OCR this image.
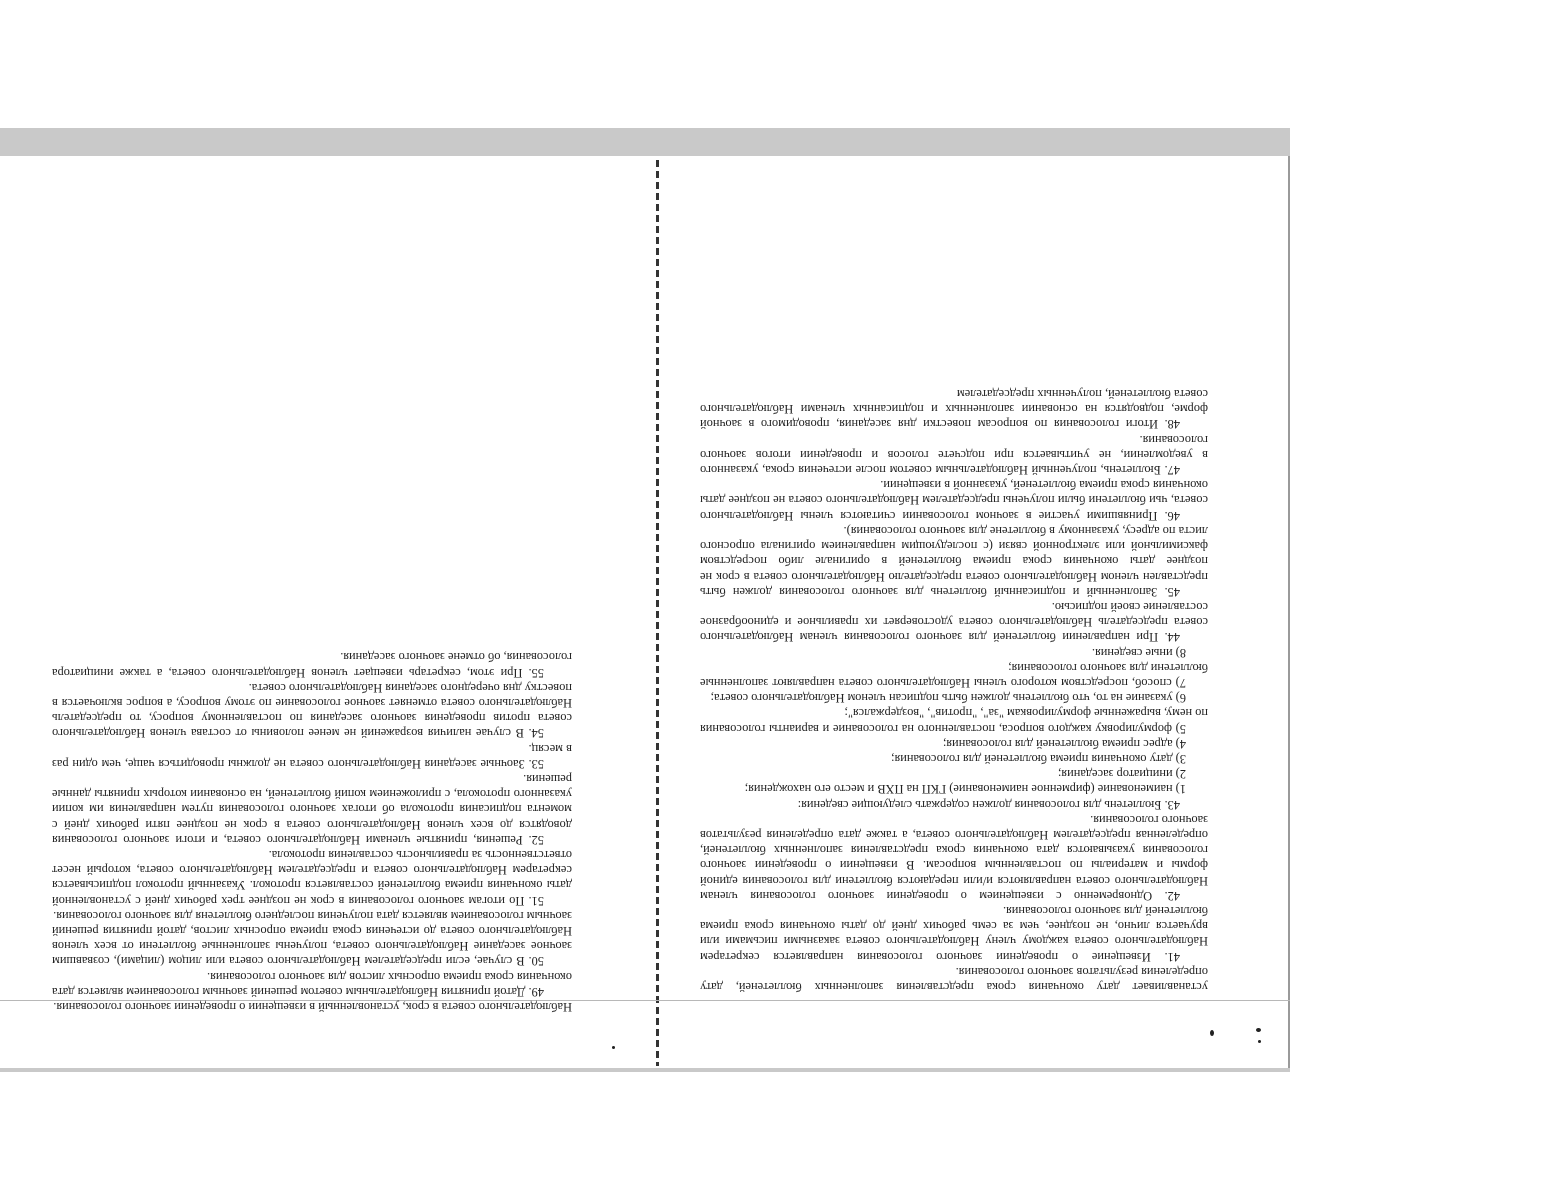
Наблюдательного совета в срок, установленный в извещении о проведении заочного голосования.

49. Датой принятия Наблюдательным советом решений заочным голосованием является дата окончания срока приема опросных листов для заочного голосования.

50. В случае, если председателем Наблюдательного совета или лицом (лицами), созвавшим заочное заседание Наблюдательного совета, получены заполненные бюллетени от всех членов Наблюдательного совета до истечения срока приема опросных листов, датой принятия решений заочным голосованием является дата получения последнего бюллетеня для заочного голосования.

51. По итогам заочного голосования в срок не позднее трех рабочих дней с установленной даты окончания приема бюллетеней составляется протокол. Указанный протокол подписывается секретарем Наблюдательного совета и председателем Наблюдательного совета, который несет ответственность за правильность составления протокола.

52. Решения, принятые членами Наблюдательного совета, и итоги заочного голосования доводятся до всех членов Наблюдательного совета в срок не позднее пяти рабочих дней с момента подписания протокола об итогах заочного голосования путем направления им копии указанного протокола, с приложением копий бюллетеней, на основании которых приняты данные решения.

53. Заочные заседания Наблюдательного совета не должны проводиться чаще, чем один раз в месяц.

54. В случае наличия возражений не менее половины от состава членов Наблюдательного совета против проведения заочного заседания по поставленному вопросу, то председатель Наблюдательного совета отменяет заочное голосование по этому вопросу, а вопрос включается в повестку дня очередного заседания Наблюдательного совета.

55. При этом, секретарь извещает членов Наблюдательного совета, а также инициатора голосования, об отмене заочного заседания.

устанавливает дату окончания срока представления заполненных бюллетеней, дату определения результатов заочного голосования.

41. Извещение о проведении заочного голосования направляется секретарем Наблюдательного совета каждому члену Наблюдательного совета заказными письмами или вручается лично, не позднее, чем за семь рабочих дней до даты окончания срока приема бюллетеней для заочного голосования.

42. Одновременно с извещением о проведении заочного голосования членам Наблюдательного совета направляются и/или передаются бюллетени для голосования единой формы и материалы по поставленным вопросам. В извещении о проведении заочного голосования указываются дата окончания срока представления заполненных бюллетеней, определенная председателем Наблюдательного совета, а также дата определения результатов заочного голосования.

43. Бюллетень для голосования должен содержать следующие сведения:

1) наименование (фирменное наименование) ГКП на ПХВ и место его нахождения;

2) инициатор заседания;

3) дату окончания приема бюллетеней для голосования;

4) адрес приема бюллетеней для голосования;

5) формулировку каждого вопроса, поставленного на голосование и варианты голосования по нему, выраженные формулировкам "за", "против", "воздержался";

6) указание на то, что бюллетень должен быть подписан членом Наблюдательного совета;

7) способ, посредством которого члены Наблюдательного совета направляют заполненные бюллетени для заочного голосования;

8) иные сведения.

44. При направлении бюллетеней для заочного голосования членам Наблюдательного совета председатель Наблюдательного совета удостоверяет их правильное и единообразное составление своей подписью.

45. Заполненный и подписанный бюллетень для заочного голосования должен быть представлен членом Наблюдательного совета председателю Наблюдательного совета в срок не позднее даты окончания срока приема бюллетеней в оригинале либо посредством факсимильной или электронной связи (с последующим направлением оригинала опросного листа по адресу, указанному в бюллетене для заочного голосования).

46. Принявшими участие в заочном голосовании считаются члены Наблюдательного совета, чьи бюллетени были получены председателем Наблюдательного совета не позднее даты окончания срока приема бюллетеней, указанной в извещении.

47. Бюллетень, полученный Наблюдательным советом после истечения срока, указанного в уведомлении, не учитывается при подсчете голосов и проведении итогов заочного голосования.

48. Итоги голосования по вопросам повестки дня заседания, проводимого в заочной форме, подводятся на основании заполненных и подписанных членами Наблюдательного совета бюллетеней, полученных председателем
